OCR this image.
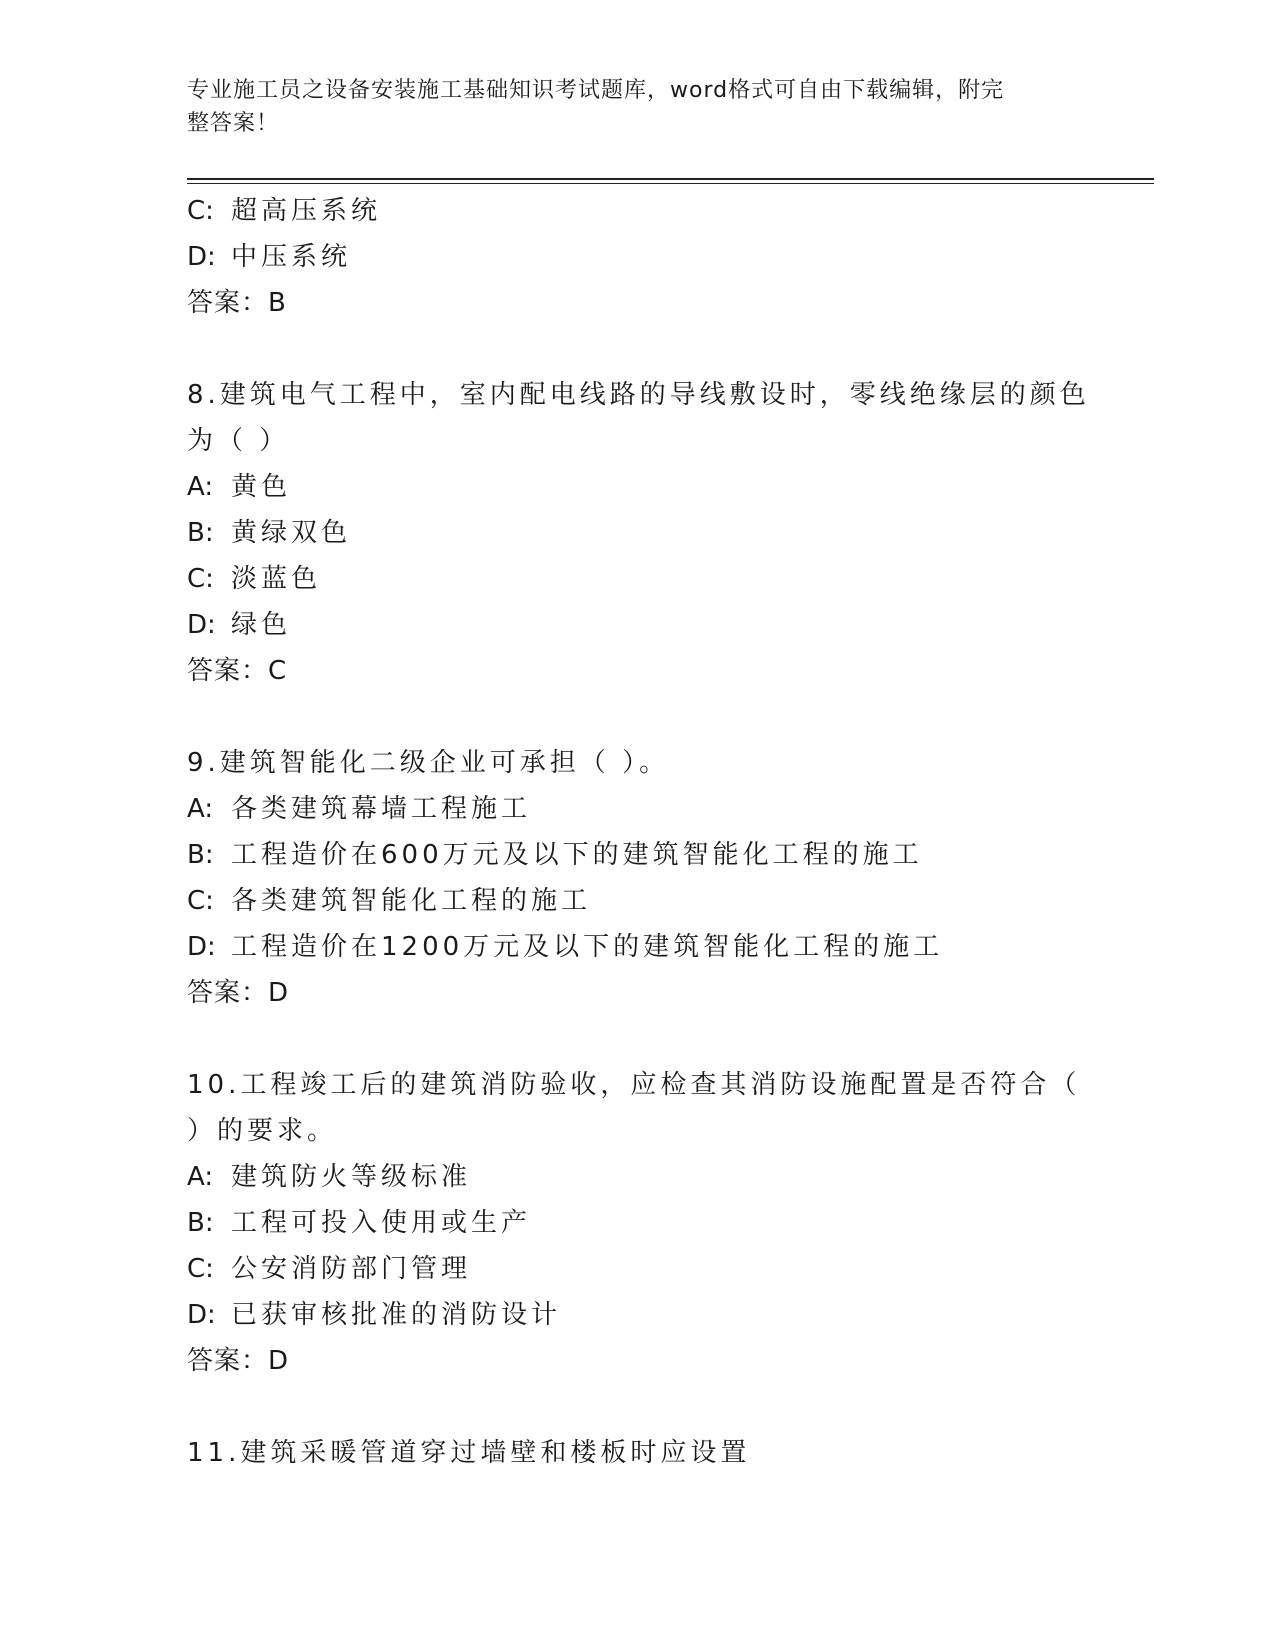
专业施工员之设备安装施工基础知识考试题库，word格式可自由下载编辑，附完
整答案！
C: 超高压系统
D: 中压系统
答案：B
8.建筑电气工程中，室内配电线路的导线敷设时，零线绝缘层的颜色
为（ ）
A: 黄色
B: 黄绿双色
C: 淡蓝色
D: 绿色
答案：C
9.建筑智能化二级企业可承担（ ）。
A: 各类建筑幕墙工程施工
B: 工程造价在600万元及以下的建筑智能化工程的施工
C: 各类建筑智能化工程的施工
D: 工程造价在1200万元及以下的建筑智能化工程的施工
答案：D
10.工程竣工后的建筑消防验收，应检查其消防设施配置是否符合（
）的要求。
A: 建筑防火等级标准
B: 工程可投入使用或生产
C: 公安消防部门管理
D: 已获审核批准的消防设计
答案：D
11.建筑采暖管道穿过墙壁和楼板时应设置
